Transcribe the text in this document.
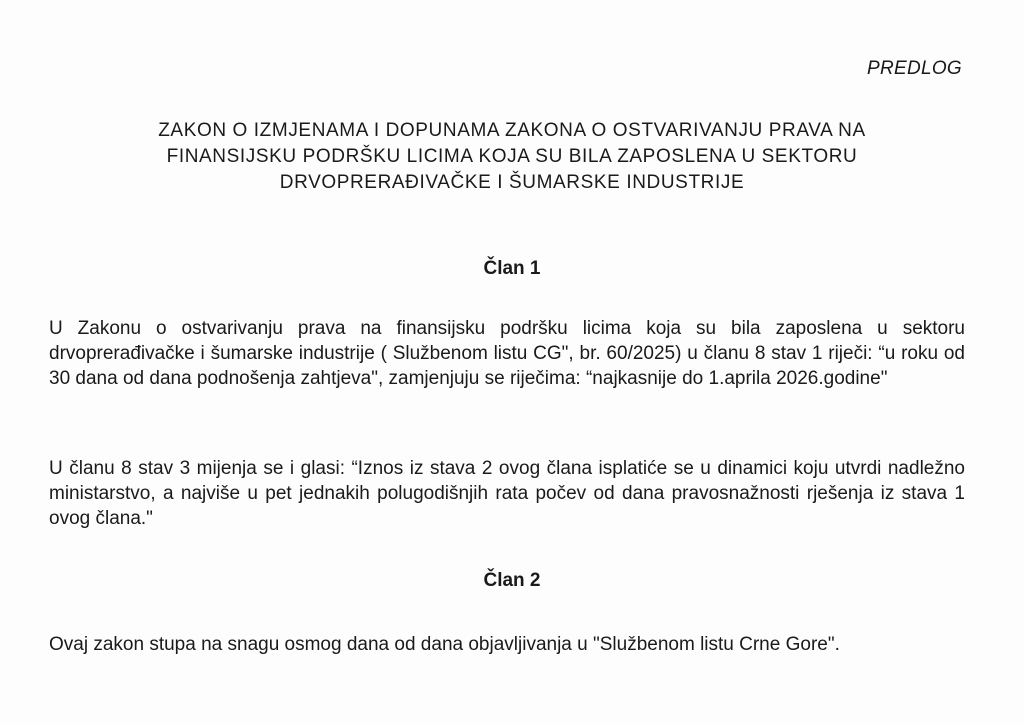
PREDLOG
ZAKON O IZMJENAMA I DOPUNAMA ZAKONA O OSTVARIVANJU PRAVA NA
FINANSIJSKU PODRŠKU LICIMA KOJA SU BILA ZAPOSLENA U SEKTORU
DRVOPRERAĐIVAČKE I ŠUMARSKE INDUSTRIJE
Član 1

U Zakonu o ostvarivanju prava na finansijsku podršku licima koja su bila zaposlena u sektoru drvoprerađivačke i šumarske industrije ( Službenom listu CG", br. 60/2025) u članu 8 stav 1 riječi: “u roku od 30 dana od dana podnošenja zahtjeva", zamjenjuju se riječima: “najkasnije do 1.aprila 2026.godine"

U članu 8 stav 3 mijenja se i glasi: “Iznos iz stava 2 ovog člana isplatiće se u dinamici koju utvrdi nadležno ministarstvo, a najviše u pet jednakih polugodišnjih rata počev od dana pravosnažnosti rješenja iz stava 1 ovog člana."

Član 2

Ovaj zakon stupa na snagu osmog dana od dana objavljivanja u "Službenom listu Crne Gore".
